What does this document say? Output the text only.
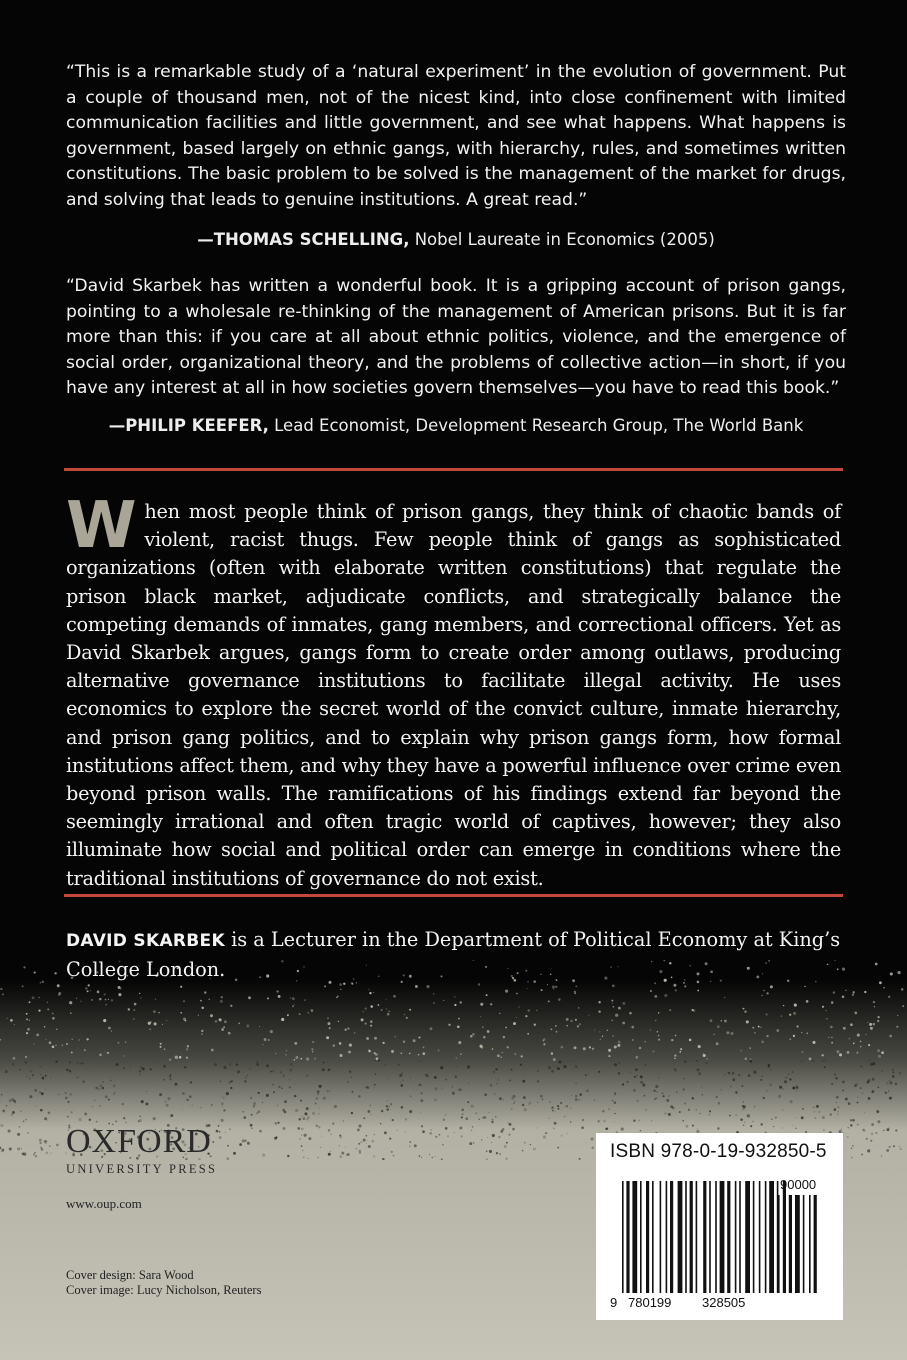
“This is a remarkable study of a ‘natural experiment’ in the evolution of government. Put a couple of thousand men, not of the nicest kind, into close confinement with limited communication facilities and little government, and see what happens. What happens is government, based largely on ethnic gangs, with hierarchy, rules, and sometimes written constitutions. The basic problem to be solved is the management of the market for drugs, and solving that leads to genuine institutions. A great read.”
—THOMAS SCHELLING, Nobel Laureate in Economics (2005)
“David Skarbek has written a wonderful book. It is a gripping account of prison gangs, pointing to a wholesale re-thinking of the management of American prisons. But it is far more than this: if you care at all about ethnic politics, violence, and the emergence of social order, organizational theory, and the problems of collective action—in short, if you have any interest at all in how societies govern themselves—you have to read this book.”
—PHILIP KEEFER, Lead Economist, Development Research Group, The World Bank
When most people think of prison gangs, they think of chaotic bands of violent, racist thugs. Few people think of gangs as sophisticated organizations (often with elaborate written constitutions) that regulate the prison black market, adjudicate conflicts, and strategically balance the competing demands of inmates, gang members, and correctional officers. Yet as David Skarbek argues, gangs form to create order among outlaws, producing alternative governance institutions to facilitate illegal activity. He uses economics to explore the secret world of the convict culture, inmate hierarchy, and prison gang politics, and to explain why prison gangs form, how formal institutions affect them, and why they have a powerful influence over crime even beyond prison walls. The ramifications of his findings extend far beyond the seemingly irrational and often tragic world of captives, however; they also illuminate how social and political order can emerge in conditions where the traditional institutions of governance do not exist.
DAVID SKARBEK is a Lecturer in the Department of Political Economy at King’s College London.
OXFORD
UNIVERSITY PRESS
www.oup.com
Cover design: Sara Wood
Cover image: Lucy Nicholson, Reuters
ISBN 978-0-19-932850-5
90000
9 780199 328505
